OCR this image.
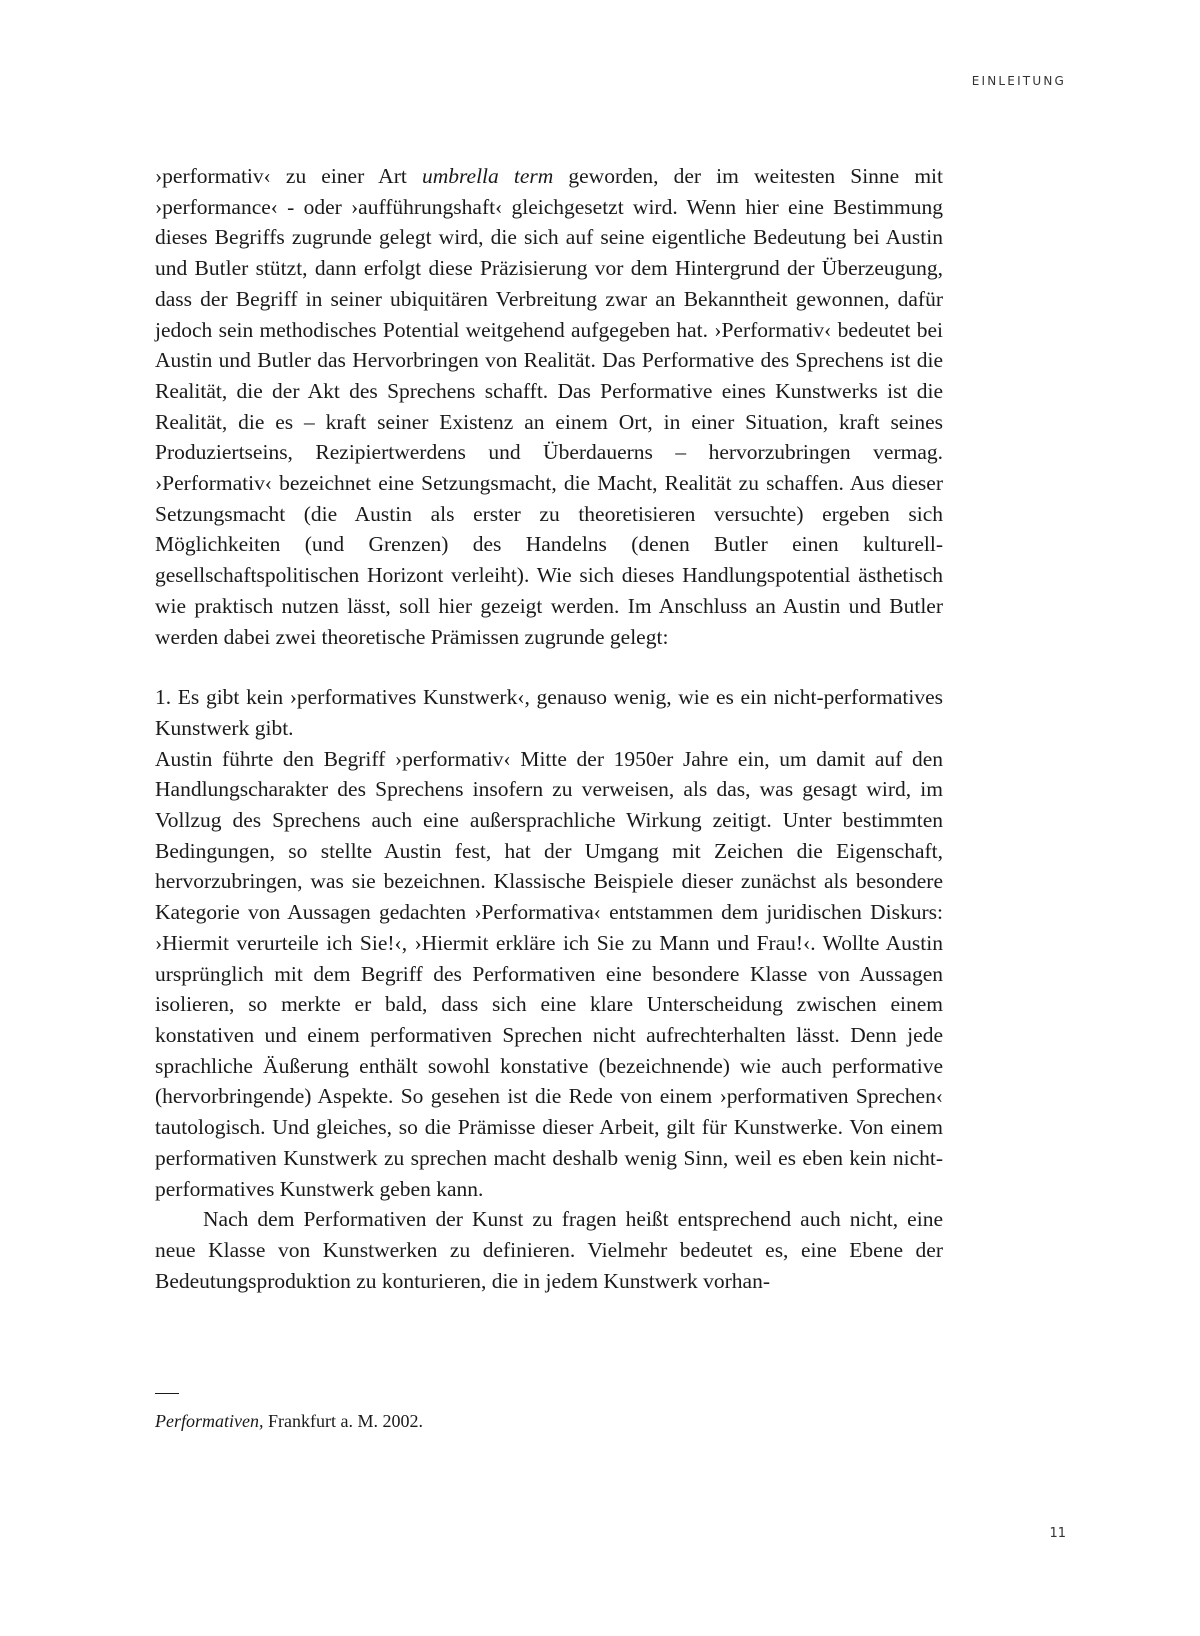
EINLEITUNG

›performativ‹ zu einer Art umbrella term geworden, der im weitesten Sinne mit ›performance‹ - oder ›aufführungshaft‹ gleichgesetzt wird. Wenn hier eine Bestimmung dieses Begriffs zugrunde gelegt wird, die sich auf seine eigentliche Bedeutung bei Austin und Butler stützt, dann erfolgt diese Präzisierung vor dem Hintergrund der Überzeugung, dass der Begriff in seiner ubiquitären Verbreitung zwar an Bekanntheit gewonnen, dafür jedoch sein methodisches Potential weitgehend aufgegeben hat. ›Performativ‹ bedeutet bei Austin und Butler das Hervorbringen von Realität. Das Performative des Sprechens ist die Realität, die der Akt des Sprechens schafft. Das Performative eines Kunstwerks ist die Realität, die es – kraft seiner Existenz an einem Ort, in einer Situation, kraft seines Produziertseins, Rezipiertwerdens und Überdauerns – hervorzubringen vermag. ›Performativ‹ bezeichnet eine Setzungsmacht, die Macht, Realität zu schaffen. Aus dieser Setzungsmacht (die Austin als erster zu theoretisieren versuchte) ergeben sich Möglichkeiten (und Grenzen) des Handelns (denen Butler einen kulturell-gesellschaftspolitischen Horizont verleiht). Wie sich dieses Handlungspotential ästhetisch wie praktisch nutzen lässt, soll hier gezeigt werden. Im Anschluss an Austin und Butler werden dabei zwei theoretische Prämissen zugrunde gelegt:

1. Es gibt kein ›performatives Kunstwerk‹, genauso wenig, wie es ein nicht-performatives Kunstwerk gibt.

Austin führte den Begriff ›performativ‹ Mitte der 1950er Jahre ein, um damit auf den Handlungscharakter des Sprechens insofern zu verweisen, als das, was gesagt wird, im Vollzug des Sprechens auch eine außersprachliche Wirkung zeitigt. Unter bestimmten Bedingungen, so stellte Austin fest, hat der Umgang mit Zeichen die Eigenschaft, hervorzubringen, was sie bezeichnen. Klassische Beispiele dieser zunächst als besondere Kategorie von Aussagen gedachten ›Performativa‹ entstammen dem juridischen Diskurs: ›Hiermit verurteile ich Sie!‹, ›Hiermit erkläre ich Sie zu Mann und Frau!‹. Wollte Austin ursprünglich mit dem Begriff des Performativen eine besondere Klasse von Aussagen isolieren, so merkte er bald, dass sich eine klare Unterscheidung zwischen einem konstativen und einem performativen Sprechen nicht aufrechterhalten lässt. Denn jede sprachliche Äußerung enthält sowohl konstative (bezeichnende) wie auch performative (hervorbringende) Aspekte. So gesehen ist die Rede von einem ›performativen Sprechen‹ tautologisch. Und gleiches, so die Prämisse dieser Arbeit, gilt für Kunstwerke. Von einem performativen Kunstwerk zu sprechen macht deshalb wenig Sinn, weil es eben kein nicht-performatives Kunstwerk geben kann.

Nach dem Performativen der Kunst zu fragen heißt entsprechend auch nicht, eine neue Klasse von Kunstwerken zu definieren. Vielmehr bedeutet es, eine Ebene der Bedeutungsproduktion zu konturieren, die in jedem Kunstwerk vorhan-

Performativen, Frankfurt a. M. 2002.
11
